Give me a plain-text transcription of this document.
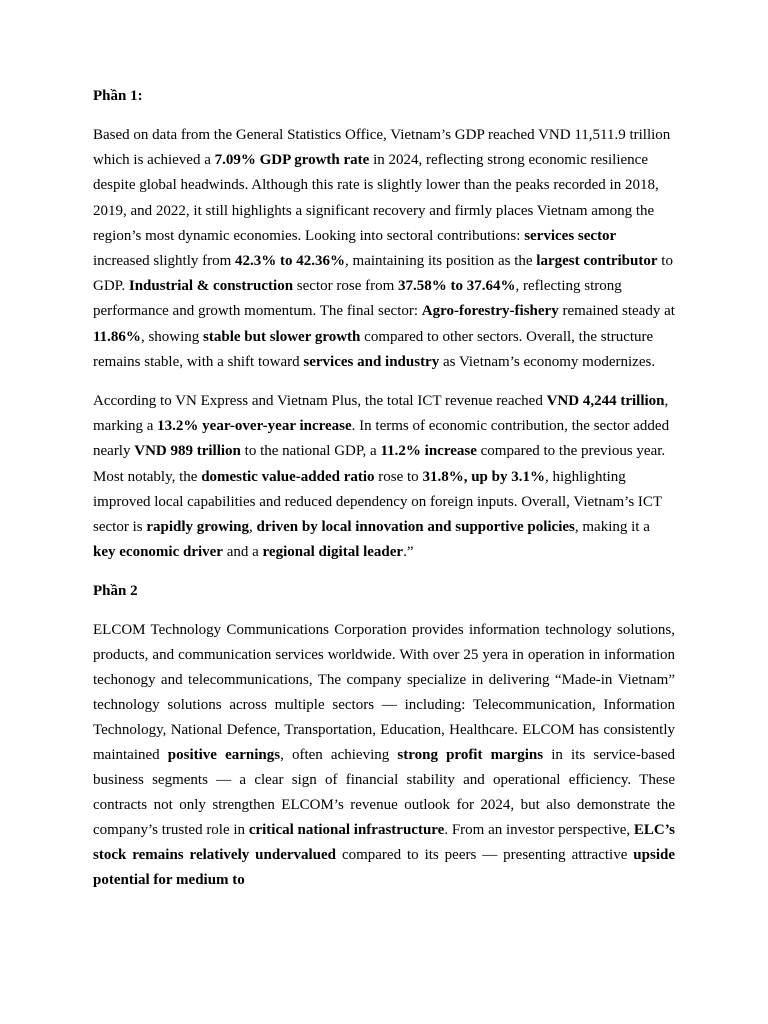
Phần 1:

Based on data from the General Statistics Office, Vietnam’s GDP reached VND 11,511.9 trillion which is achieved a 7.09% GDP growth rate in 2024, reflecting strong economic resilience despite global headwinds. Although this rate is slightly lower than the peaks recorded in 2018, 2019, and 2022, it still highlights a significant recovery and firmly places Vietnam among the region’s most dynamic economies. Looking into sectoral contributions: services sector increased slightly from 42.3% to 42.36%, maintaining its position as the largest contributor to GDP. Industrial & construction sector rose from 37.58% to 37.64%, reflecting strong performance and growth momentum. The final sector: Agro-forestry-fishery remained steady at 11.86%, showing stable but slower growth compared to other sectors. Overall, the structure remains stable, with a shift toward services and industry as Vietnam’s economy modernizes.

According to VN Express and Vietnam Plus, the total ICT revenue reached VND 4,244 trillion, marking a 13.2% year-over-year increase. In terms of economic contribution, the sector added nearly VND 989 trillion to the national GDP, a 11.2% increase compared to the previous year. Most notably, the domestic value-added ratio rose to 31.8%, up by 3.1%, highlighting improved local capabilities and reduced dependency on foreign inputs. Overall, Vietnam’s ICT sector is rapidly growing, driven by local innovation and supportive policies, making it a key economic driver and a regional digital leader.”

Phần 2

ELCOM Technology Communications Corporation provides information technology solutions, products, and communication services worldwide. With over 25 yera in operation in information techonogy and telecommunications, The company specialize in delivering “Made-in Vietnam” technology solutions across multiple sectors — including: Telecommunication, Information Technology, National Defence, Transportation, Education, Healthcare. ELCOM has consistently maintained positive earnings, often achieving strong profit margins in its service-based business segments — a clear sign of financial stability and operational efficiency. These contracts not only strengthen ELCOM’s revenue outlook for 2024, but also demonstrate the company’s trusted role in critical national infrastructure. From an investor perspective, ELC’s stock remains relatively undervalued compared to its peers — presenting attractive upside potential for medium to
